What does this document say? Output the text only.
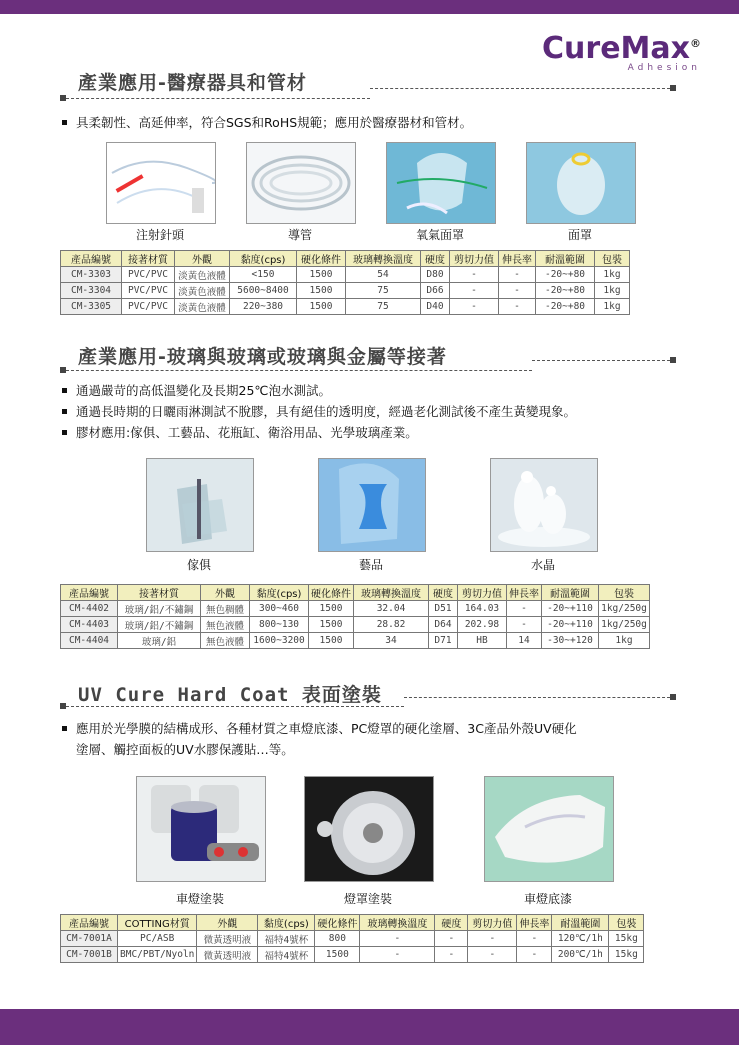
CureMax®
Adhesion
產業應用-醫療器具和管材
具柔韌性、高延伸率，符合SGS和RoHS規範；應用於醫療器材和管材。
注射針頭	導管	氧氣面罩	面罩
產品編號	接著材質	外觀	黏度(cps)	硬化條件	玻璃轉換溫度	硬度	剪切力值	伸長率	耐溫範圍	包裝
CM-3303	PVC/PVC	淡黃色液體	<150	1500	54	D80	-	-	-20~+80	1kg
CM-3304	PVC/PVC	淡黃色液體	5600~8400	1500	75	D66	-	-	-20~+80	1kg
CM-3305	PVC/PVC	淡黃色液體	220~380	1500	75	D40	-	-	-20~+80	1kg
產業應用-玻璃與玻璃或玻璃與金屬等接著
通過嚴苛的高低溫變化及長期25℃泡水測試。
通過長時期的日曬雨淋測試不脫膠，具有絕佳的透明度，經過老化測試後不產生黃變現象。
膠材應用:傢俱、工藝品、花瓶缸、衛浴用品、光學玻璃產業。
傢俱	藝品	水晶
產品編號	接著材質	外觀	黏度(cps)	硬化條件	玻璃轉換溫度	硬度	剪切力值	伸長率	耐溫範圍	包裝
CM-4402	玻璃/鋁/不鏽鋼	無色稠體	300~460	1500	32.04	D51	164.03	-	-20~+110	1kg/250g
CM-4403	玻璃/鋁/不鏽鋼	無色液體	800~130	1500	28.82	D64	202.98	-	-20~+110	1kg/250g
CM-4404	玻璃/鋁	無色液體	1600~3200	1500	34	D71	HB	14	-30~+120	1kg
UV Cure Hard Coat 表面塗裝
應用於光學膜的結構成形、各種材質之車燈底漆、PC燈罩的硬化塗層、3C產品外殼UV硬化
塗層、觸控面板的UV水膠保護貼…等。
車燈塗裝	燈罩塗裝	車燈底漆
產品編號	COTTING材質	外觀	黏度(cps)	硬化條件	玻璃轉換溫度	硬度	剪切力值	伸長率	耐溫範圍	包裝
CM-7001A	PC/ASB	微黃透明液	福特4號杯	800	-	-	-	-	120℃/1h	15kg
CM-7001B	BMC/PBT/Nyoln	微黃透明液	福特4號杯	1500	-	-	-	-	200℃/1h	15kg
